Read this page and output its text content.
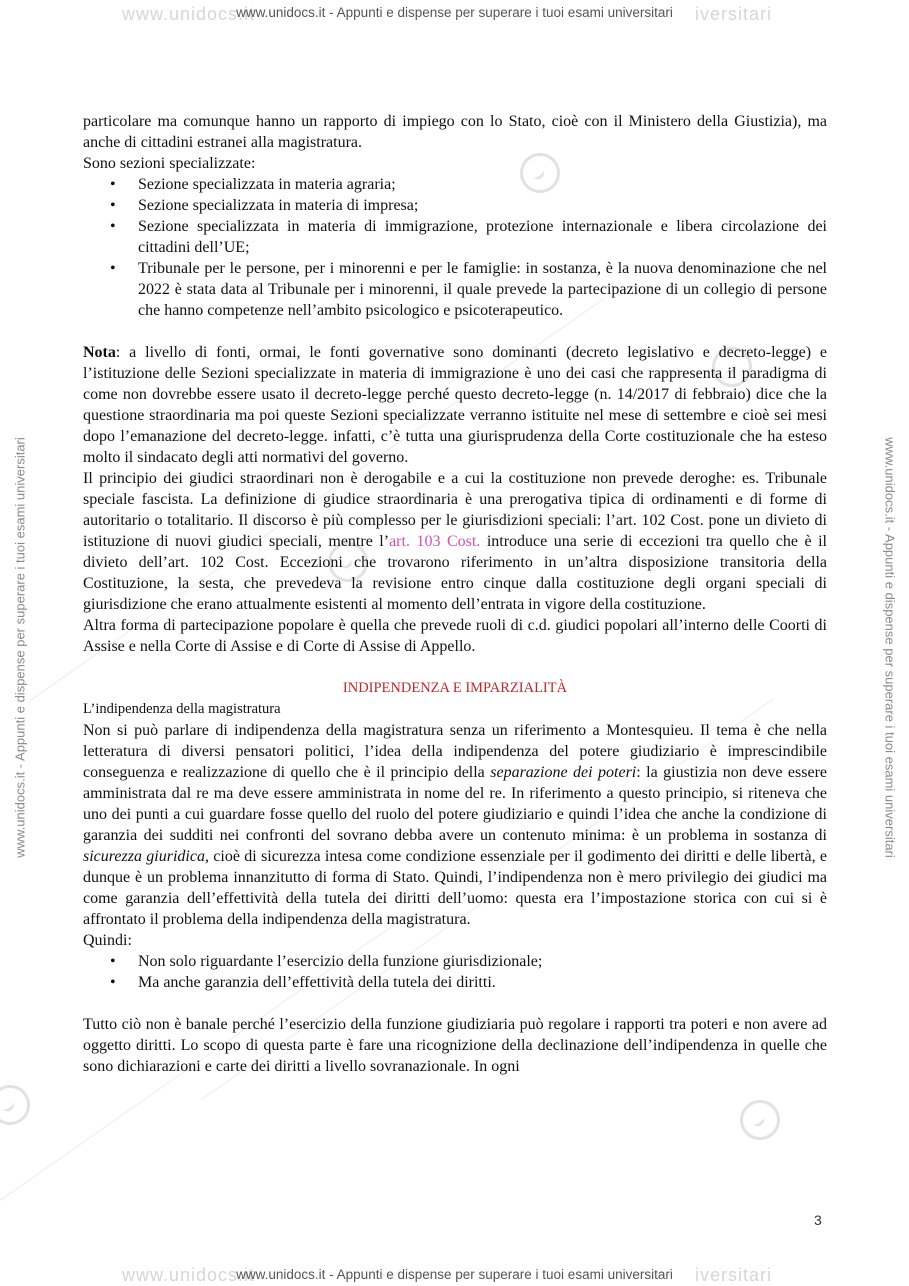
www.unidocs.it	iversitari
www.unidocs.it	iversitari
www.unidocs.it - Appunti e dispense per superare i tuoi esami universitari
www.unidocs.it - Appunti e dispense per superare i tuoi esami universitari
www.unidocs.it - Appunti e dispense per superare i tuoi esami universitari	www.unidocs.it - Appunti e dispense per superare i tuoi esami universitari

particolare ma comunque hanno un rapporto di impiego con lo Stato, cioè con il Ministero della Giustizia), ma anche di cittadini estranei alla magistratura.

Sono sezioni specializzate:

• Sezione specializzata in materia agraria;
• Sezione specializzata in materia di impresa;
• Sezione specializzata in materia di immigrazione, protezione internazionale e libera circolazione dei cittadini dell’UE;
• Tribunale per le persone, per i minorenni e per le famiglie: in sostanza, è la nuova denominazione che nel 2022 è stata data al Tribunale per i minorenni, il quale prevede la partecipazione di un collegio di persone che hanno competenze nell’ambito psicologico e psicoterapeutico.

Nota: a livello di fonti, ormai, le fonti governative sono dominanti (decreto legislativo e decreto-legge) e l’istituzione delle Sezioni specializzate in materia di immigrazione è uno dei casi che rappresenta il paradigma di come non dovrebbe essere usato il decreto-legge perché questo decreto-legge (n. 14/2017 di febbraio) dice che la questione straordinaria ma poi queste Sezioni specializzate verranno istituite nel mese di settembre e cioè sei mesi dopo l’emanazione del decreto-legge. infatti, c’è tutta una giurisprudenza della Corte costituzionale che ha esteso molto il sindacato degli atti normativi del governo.

Il principio dei giudici straordinari non è derogabile e a cui la costituzione non prevede deroghe: es. Tribunale speciale fascista. La definizione di giudice straordinaria è una prerogativa tipica di ordinamenti e di forme di autoritario o totalitario. Il discorso è più complesso per le giurisdizioni speciali: l’art. 102 Cost. pone un divieto di istituzione di nuovi giudici speciali, mentre l’art. 103 Cost. introduce una serie di eccezioni tra quello che è il divieto dell’art. 102 Cost. Eccezioni che trovarono riferimento in un’altra disposizione transitoria della Costituzione, la sesta, che prevedeva la revisione entro cinque dalla costituzione degli organi speciali di giurisdizione che erano attualmente esistenti al momento dell’entrata in vigore della costituzione.

Altra forma di partecipazione popolare è quella che prevede ruoli di c.d. giudici popolari all’interno delle Coorti di Assise e nella Corte di Assise e di Corte di Assise di Appello.

INDIPENDENZA E IMPARZIALITÀ

L’indipendenza della magistratura

Non si può parlare di indipendenza della magistratura senza un riferimento a Montesquieu. Il tema è che nella letteratura di diversi pensatori politici, l’idea della indipendenza del potere giudiziario è imprescindibile conseguenza e realizzazione di quello che è il principio della separazione dei poteri: la giustizia non deve essere amministrata dal re ma deve essere amministrata in nome del re. In riferimento a questo principio, si riteneva che uno dei punti a cui guardare fosse quello del ruolo del potere giudiziario e quindi l’idea che anche la condizione di garanzia dei sudditi nei confronti del sovrano debba avere un contenuto minima: è un problema in sostanza di sicurezza giuridica, cioè di sicurezza intesa come condizione essenziale per il godimento dei diritti e delle libertà, e dunque è un problema innanzitutto di forma di Stato. Quindi, l’indipendenza non è mero privilegio dei giudici ma come garanzia dell’effettività della tutela dei diritti dell’uomo: questa era l’impostazione storica con cui si è affrontato il problema della indipendenza della magistratura.

Quindi:

• Non solo riguardante l’esercizio della funzione giurisdizionale;
• Ma anche garanzia dell’effettività della tutela dei diritti.

Tutto ciò non è banale perché l’esercizio della funzione giudiziaria può regolare i rapporti tra poteri e non avere ad oggetto diritti. Lo scopo di questa parte è fare una ricognizione della declinazione dell’indipendenza in quelle che sono dichiarazioni e carte dei diritti a livello sovranazionale. In ogni

3
